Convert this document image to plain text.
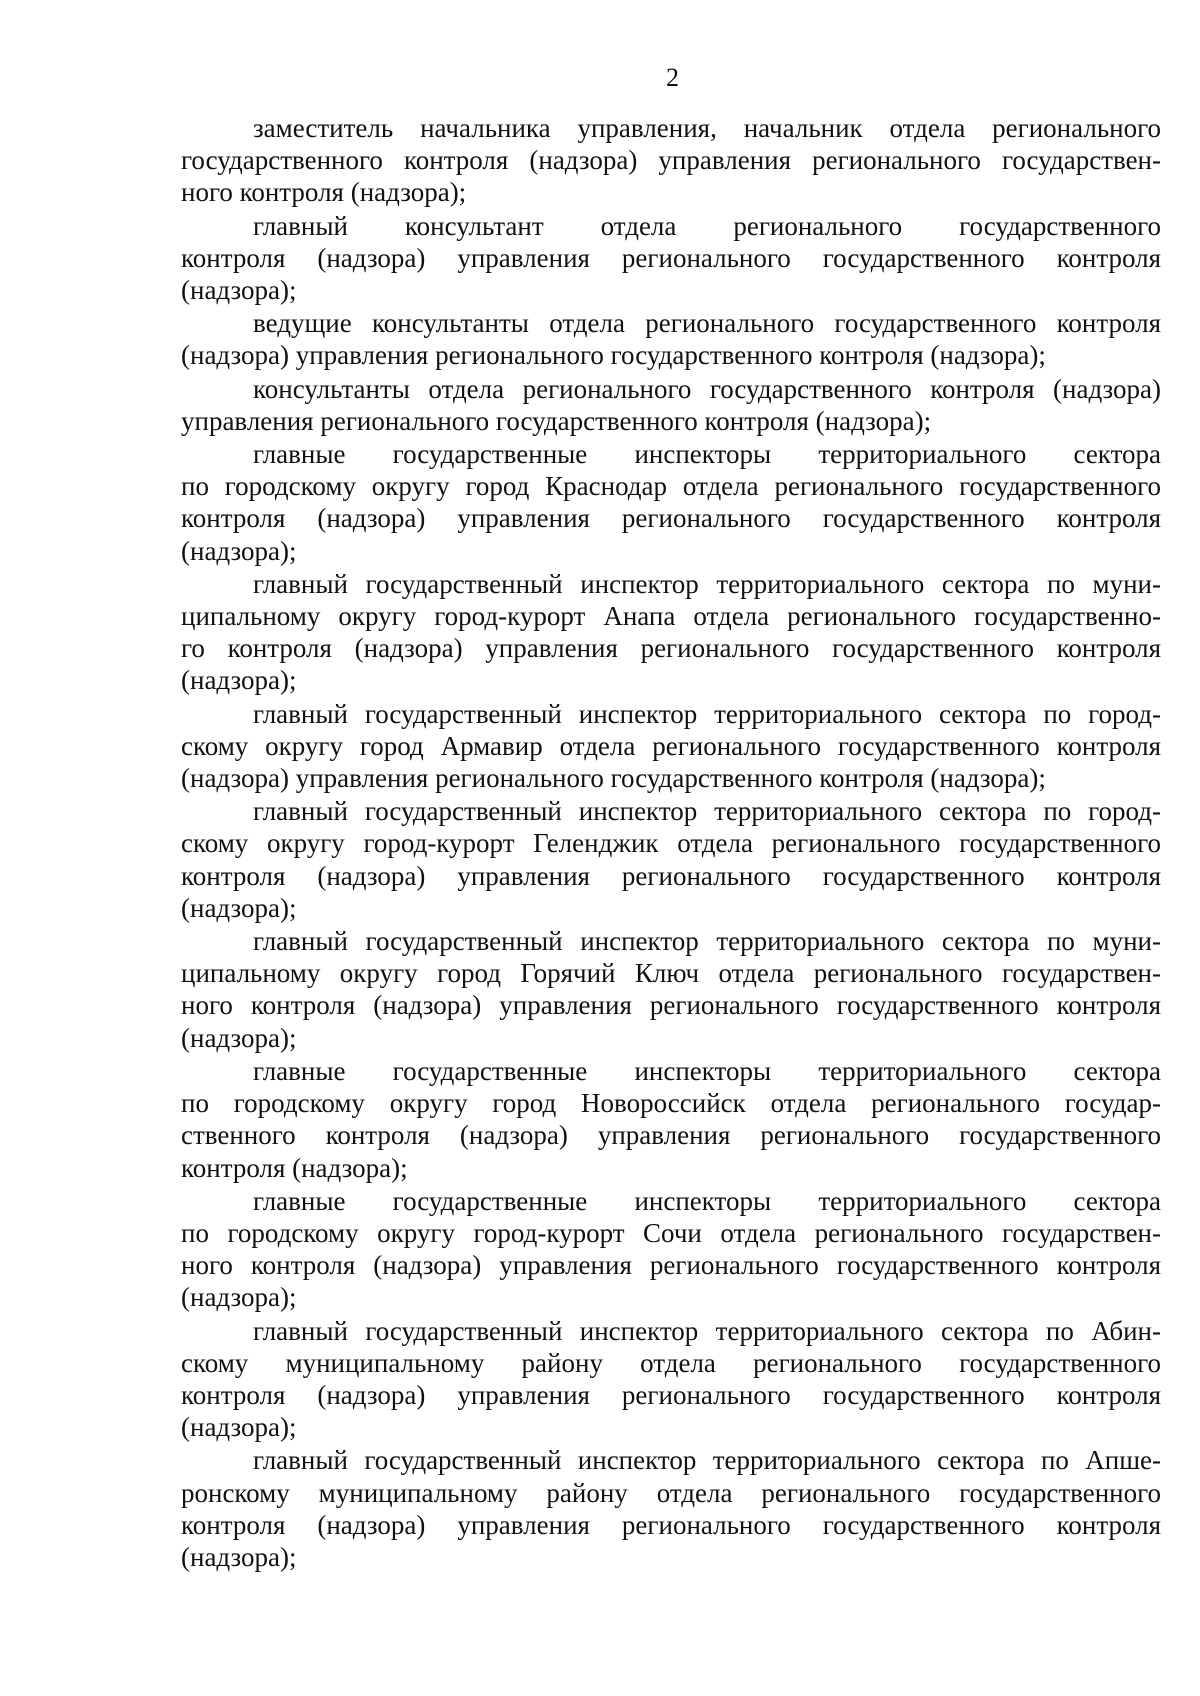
2

заместитель начальника управления, начальник отдела регионального
государственного контроля (надзора) управления регионального государствен-
ного контроля (надзора);

главный консультант отдела регионального государственного
контроля (надзора) управления регионального государственного контроля
(надзора);

ведущие консультанты отдела регионального государственного контроля
(надзора) управления регионального государственного контроля (надзора);

консультанты отдела регионального государственного контроля (надзора)
управления регионального государственного контроля (надзора);

главные государственные инспекторы территориального сектора
по городскому округу город Краснодар отдела регионального государственного
контроля (надзора) управления регионального государственного контроля
(надзора);

главный государственный инспектор территориального сектора по муни-
ципальному округу город-курорт Анапа отдела регионального государственно-
го контроля (надзора) управления регионального государственного контроля
(надзора);

главный государственный инспектор территориального сектора по город-
скому округу город Армавир отдела регионального государственного контроля
(надзора) управления регионального государственного контроля (надзора);

главный государственный инспектор территориального сектора по город-
скому округу город-курорт Геленджик отдела регионального государственного
контроля (надзора) управления регионального государственного контроля
(надзора);

главный государственный инспектор территориального сектора по муни-
ципальному округу город Горячий Ключ отдела регионального государствен-
ного контроля (надзора) управления регионального государственного контроля
(надзора);

главные государственные инспекторы территориального сектора
по городскому округу город Новороссийск отдела регионального государ-
ственного контроля (надзора) управления регионального государственного
контроля (надзора);

главные государственные инспекторы территориального сектора
по городскому округу город-курорт Сочи отдела регионального государствен-
ного контроля (надзора) управления регионального государственного контроля
(надзора);

главный государственный инспектор территориального сектора по Абин-
скому муниципальному району отдела регионального государственного
контроля (надзора) управления регионального государственного контроля
(надзора);

главный государственный инспектор территориального сектора по Апше-
ронскому муниципальному району отдела регионального государственного
контроля (надзора) управления регионального государственного контроля
(надзора);
